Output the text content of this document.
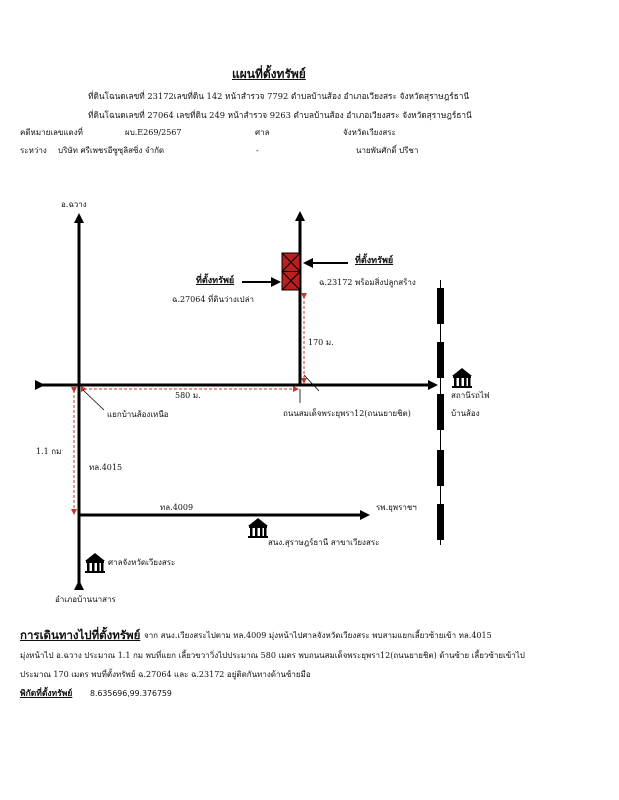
แผนที่ตั้งทรัพย์
ที่ดินโฉนดเลขที่ 23172เลขที่ดิน 142 หน้าสำรวจ 7792 ตำบลบ้านส้อง อำเภอเวียงสระ จังหวัดสุราษฎร์ธานี
ที่ดินโฉนดเลขที่ 27064 เลขที่ดิน 249 หน้าสำรวจ 9263 ตำบลบ้านส้อง อำเภอเวียงสระ จังหวัดสุราษฎร์ธานี
คดีหมายเลขแดงที่	ผบ.E269/2567	ศาล	จังหวัดเวียงสระ
ระหว่าง บริษัท ศรีเพชรอีซูซุลิสซิ่ง จำกัด	-	นายพันศักดิ์ ปรีชา
อ.ฉวาง
อำเภอบ้านนาสาร
ที่ตั้งทรัพย์
ที่ตั้งทรัพย์
ฉ.23172 พร้อมสิ่งปลูกสร้าง
ฉ.27064 ที่ดินว่างเปล่า
170 ม.
580 ม.
1.1 กม
แยกบ้านส้องเหนือ	ถนนสมเด็จพระยุพรา12(ถนนยายชิต)
ทล.4015
ทล.4009	รพ.ยุพราชฯ
สนง.สุราษฎร์ธานี สาขาเวียงสระ
ศาลจังหวัดเวียงสระ
สถานีรถไฟ
บ้านส้อง
การเดินทางไปที่ตั้งทรัพย์ จาก สนง.เวียงสระไปตาม ทล.4009 มุ่งหน้าไปศาลจังหวัดเวียงสระ พบสามแยกเลี้ยวซ้ายเข้า ทล.4015
มุ่งหน้าไป อ.ฉวาง ประมาณ 1.1 กม พบที่แยก เลี้ยวขวาวิ่งไปประมาณ 580 เมตร พบถนนสมเด็จพระยุพรา12(ถนนยายชิต) ด้านซ้าย เลี้ยวซ้ายเข้าไป
ประมาณ 170 เมตร พบที่ตั้งทรัพย์ ฉ.27064 และ ฉ.23172 อยู่ติดกันทางด้านซ้ายมือ
พิกัดที่ตั้งทรัพย์ 8.635696,99.376759
